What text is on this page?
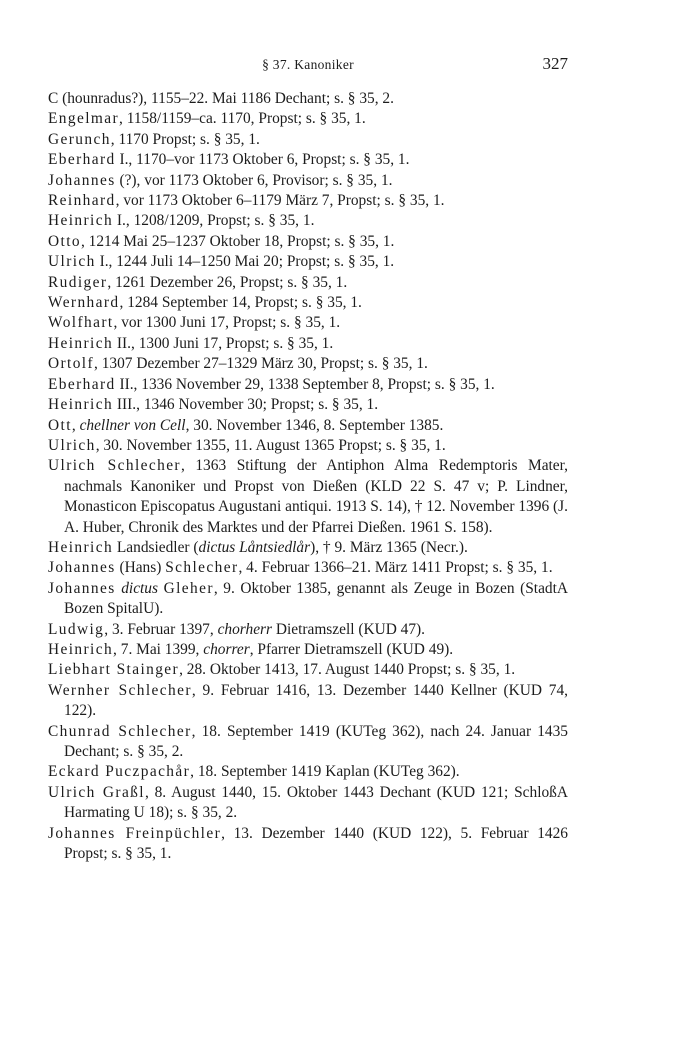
§ 37. Kanoniker	327

C (hounradus?), 1155–22. Mai 1186 Dechant; s. § 35, 2.

Engelmar, 1158/1159–ca. 1170, Propst; s. § 35, 1.

Gerunch, 1170 Propst; s. § 35, 1.

Eberhard I., 1170–vor 1173 Oktober 6, Propst; s. § 35, 1.

Johannes (?), vor 1173 Oktober 6, Provisor; s. § 35, 1.

Reinhard, vor 1173 Oktober 6–1179 März 7, Propst; s. § 35, 1.

Heinrich I., 1208/1209, Propst; s. § 35, 1.

Otto, 1214 Mai 25–1237 Oktober 18, Propst; s. § 35, 1.

Ulrich I., 1244 Juli 14–1250 Mai 20; Propst; s. § 35, 1.

Rudiger, 1261 Dezember 26, Propst; s. § 35, 1.

Wernhard, 1284 September 14, Propst; s. § 35, 1.

Wolfhart, vor 1300 Juni 17, Propst; s. § 35, 1.

Heinrich II., 1300 Juni 17, Propst; s. § 35, 1.

Ortolf, 1307 Dezember 27–1329 März 30, Propst; s. § 35, 1.

Eberhard II., 1336 November 29, 1338 September 8, Propst; s. § 35, 1.

Heinrich III., 1346 November 30; Propst; s. § 35, 1.

Ott, chellner von Cell, 30. November 1346, 8. September 1385.

Ulrich, 30. November 1355, 11. August 1365 Propst; s. § 35, 1.

Ulrich Schlecher, 1363 Stiftung der Antiphon Alma Redemptoris Mater, nachmals Kanoniker und Propst von Dießen (KLD 22 S. 47 v; P. Lindner, Monasticon Episcopatus Augustani antiqui. 1913 S. 14), † 12. November 1396 (J. A. Huber, Chronik des Marktes und der Pfarrei Dießen. 1961 S. 158).

Heinrich Landsiedler (dictus Låntsiedlår), † 9. März 1365 (Necr.).

Johannes (Hans) Schlecher, 4. Februar 1366–21. März 1411 Propst; s. § 35, 1.

Johannes dictus Gleher, 9. Oktober 1385, genannt als Zeuge in Bozen (StadtA Bozen SpitalU).

Ludwig, 3. Februar 1397, chorherr Dietramszell (KUD 47).

Heinrich, 7. Mai 1399, chorrer, Pfarrer Dietramszell (KUD 49).

Liebhart Stainger, 28. Oktober 1413, 17. August 1440 Propst; s. § 35, 1.

Wernher Schlecher, 9. Februar 1416, 13. Dezember 1440 Kellner (KUD 74, 122).

Chunrad Schlecher, 18. September 1419 (KUTeg 362), nach 24. Januar 1435 Dechant; s. § 35, 2.

Eckard Puczpachår, 18. September 1419 Kaplan (KUTeg 362).

Ulrich Graßl, 8. August 1440, 15. Oktober 1443 Dechant (KUD 121; SchloßA Harmating U 18); s. § 35, 2.

Johannes Freinpüchler, 13. Dezember 1440 (KUD 122), 5. Februar 1426 Propst; s. § 35, 1.
